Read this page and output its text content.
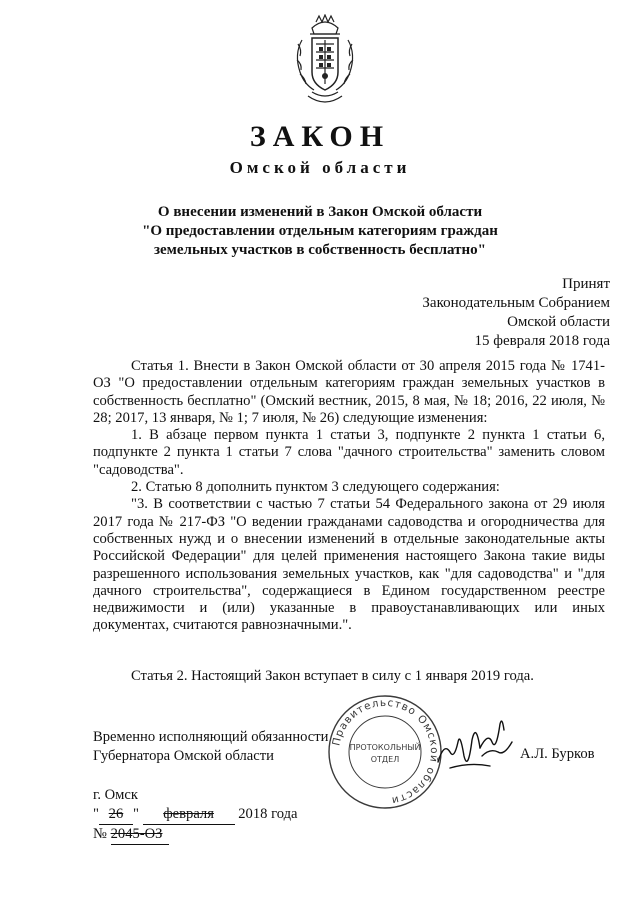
ЗАКОН
Омской области
О внесении изменений в Закон Омской области
"О предоставлении отдельным категориям граждан
земельных участков в собственность бесплатно"
Принят
Законодательным Собранием
Омской области
15 февраля 2018 года

Статья 1. Внести в Закон Омской области от 30 апреля 2015 года № 1741-ОЗ "О предоставлении отдельным категориям граждан земельных участков в собственность бесплатно" (Омский вестник, 2015, 8 мая, № 18; 2016, 22 июля, № 28; 2017, 13 января, № 1; 7 июля, № 26) следующие изменения:

1. В абзаце первом пункта 1 статьи 3, подпункте 2 пункта 1 статьи 6, подпункте 2 пункта 1 статьи 7 слова "дачного строительства" заменить словом "садоводства".

2. Статью 8 дополнить пунктом 3 следующего содержания:

"3. В соответствии с частью 7 статьи 54 Федерального закона от 29 июля 2017 года № 217-ФЗ "О ведении гражданами садоводства и огородничества для собственных нужд и о внесении изменений в отдельные законодательные акты Российской Федерации" для целей применения настоящего Закона такие виды разрешенного использования земельных участков, как "для садоводства" и "для дачного строительства", содержащиеся в Едином государственном реестре недвижимости и (или) указанные в правоустанавливающих или иных документах, считаются равнозначными.".

Статья 2. Настоящий Закон вступает в силу с 1 января 2019 года.

Временно исполняющий обязанности
Губернатора Омской области
Правительство Омской области
ПРОТОКОЛЬНЫЙ
ОТДЕЛ	А.Л. Бурков
г. Омск
" 26 " февраля 2018 года
№ 2045-ОЗ
